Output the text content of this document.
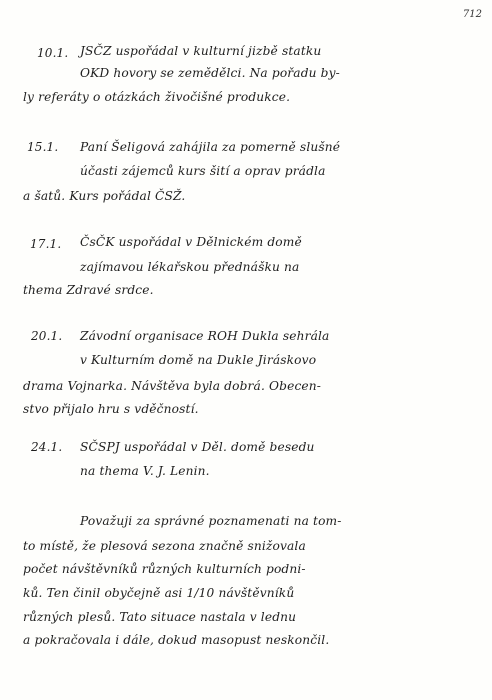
712
10.1. JSČZ uspořádal v kulturní jizbě statku
OKD hovory se zemědělci. Na pořadu by-
ly referáty o otázkách živočišné produkce.
15.1. Paní Šeligová zahájila za pomerně slušné
účasti zájemců kurs šití a oprav prádla
a šatů. Kurs pořádal ČSŽ.
17.1. ČsČK uspořádal v Dělnickém domě
zajímavou lékařskou přednášku na
thema Zdravé srdce.
20.1. Závodní organisace ROH Dukla sehrála
v Kulturním domě na Dukle Jiráskovo
drama Vojnarka. Návštěva byla dobrá. Obecen-
stvo přijalo hru s vděčností.
24.1. SČSPJ uspořádal v Děl. domě besedu
na thema V. J. Lenin.
Považuji za správné poznamenati na tom-
to místě, že plesová sezona značně snižovala
počet návštěvníků různých kulturních podni-
ků. Ten činil obyčejně asi 1/10 návštěvníků
různých plesů. Tato situace nastala v lednu
a pokračovala i dále, dokud masopust neskončil.
